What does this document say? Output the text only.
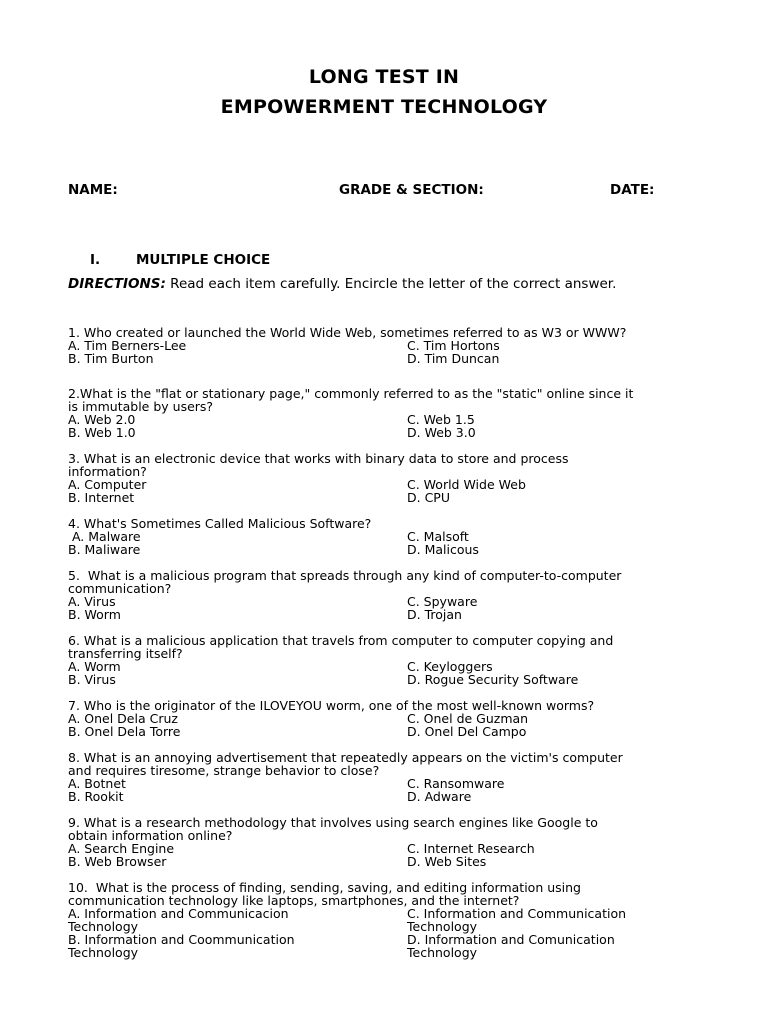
LONG TEST IN
EMPOWERMENT TECHNOLOGY
NAME:	GRADE & SECTION:	DATE:
I.	MULTIPLE CHOICE
DIRECTIONS: Read each item carefully. Encircle the letter of the correct answer.
1. Who created or launched the World Wide Web, sometimes referred to as W3 or WWW?
A. Tim Berners-Lee	C. Tim Hortons
B. Tim Burton	D. Tim Duncan
2.What is the "flat or stationary page," commonly referred to as the "static" online since it
is immutable by users?
A. Web 2.0	C. Web 1.5
B. Web 1.0	D. Web 3.0
3. What is an electronic device that works with binary data to store and process
information?
A. Computer	C. World Wide Web
B. Internet	D. CPU
4. What's Sometimes Called Malicious Software?
A. Malware	C. Malsoft
B. Maliware	D. Malicous
5.  What is a malicious program that spreads through any kind of computer-to-computer
communication?
A. Virus	C. Spyware
B. Worm	D. Trojan
6. What is a malicious application that travels from computer to computer copying and
transferring itself?
A. Worm	C. Keyloggers
B. Virus	D. Rogue Security Software
7. Who is the originator of the ILOVEYOU worm, one of the most well-known worms?
A. Onel Dela Cruz	C. Onel de Guzman
B. Onel Dela Torre	D. Onel Del Campo
8. What is an annoying advertisement that repeatedly appears on the victim's computer
and requires tiresome, strange behavior to close?
A. Botnet	C. Ransomware
B. Rookit	D. Adware
9. What is a research methodology that involves using search engines like Google to
obtain information online?
A. Search Engine	C. Internet Research
B. Web Browser	D. Web Sites
10.  What is the process of finding, sending, saving, and editing information using
communication technology like laptops, smartphones, and the internet?
A. Information and Communicacion	C. Information and Communication
Technology	Technology
B. Information and Coommunication	D. Information and Comunication
Technology	Technology
